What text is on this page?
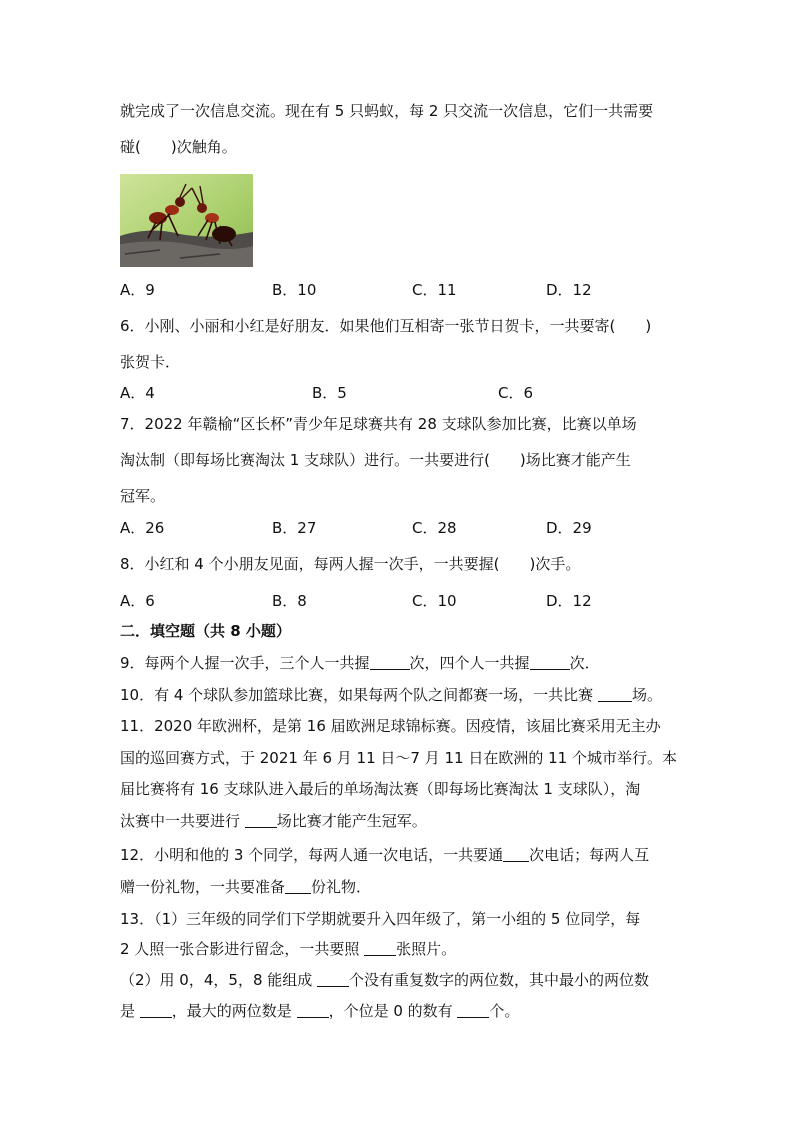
就完成了一次信息交流。现在有 5 只蚂蚁，每 2 只交流一次信息，它们一共需要
碰(　　)次触角。
A．9	B．10	C．11	D．12
6．小刚、小丽和小红是好朋友．如果他们互相寄一张节日贺卡，一共要寄(　　)
张贺卡．
A．4	B．5	C．6
7．2022 年赣榆“区长杯”青少年足球赛共有 28 支球队参加比赛，比赛以单场
淘汰制（即每场比赛淘汰 1 支球队）进行。一共要进行(　　)场比赛才能产生
冠军。
A．26	B．27	C．28	D．29
8．小红和 4 个小朋友见面，每两人握一次手，一共要握(　　)次手。
A．6	B．8	C．10	D．12
二．填空题（共 8 小题）
9．每两个人握一次手，三个人一共握	次，四个人一共握	次．
10．有 4 个球队参加篮球比赛，如果每两个队之间都赛一场，一共比赛 场。
11．2020 年欧洲杯，是第 16 届欧洲足球锦标赛。因疫情，该届比赛采用无主办
国的巡回赛方式，于 2021 年 6 月 11 日～7 月 11 日在欧洲的 11 个城市举行。本
届比赛将有 16 支球队进入最后的单场淘汰赛（即每场比赛淘汰 1 支球队），淘
汰赛中一共要进行 场比赛才能产生冠军。
12．小明和他的 3 个同学，每两人通一次电话，一共要通 次电话；每两人互
赠一份礼物，一共要准备 份礼物．
13．（1）三年级的同学们下学期就要升入四年级了，第一小组的 5 位同学，每
2 人照一张合影进行留念，一共要照 张照片。
（2）用 0，4，5，8 能组成 个没有重复数字的两位数，其中最小的两位数
是 ，最大的两位数是 ，个位是 0 的数有 个。
